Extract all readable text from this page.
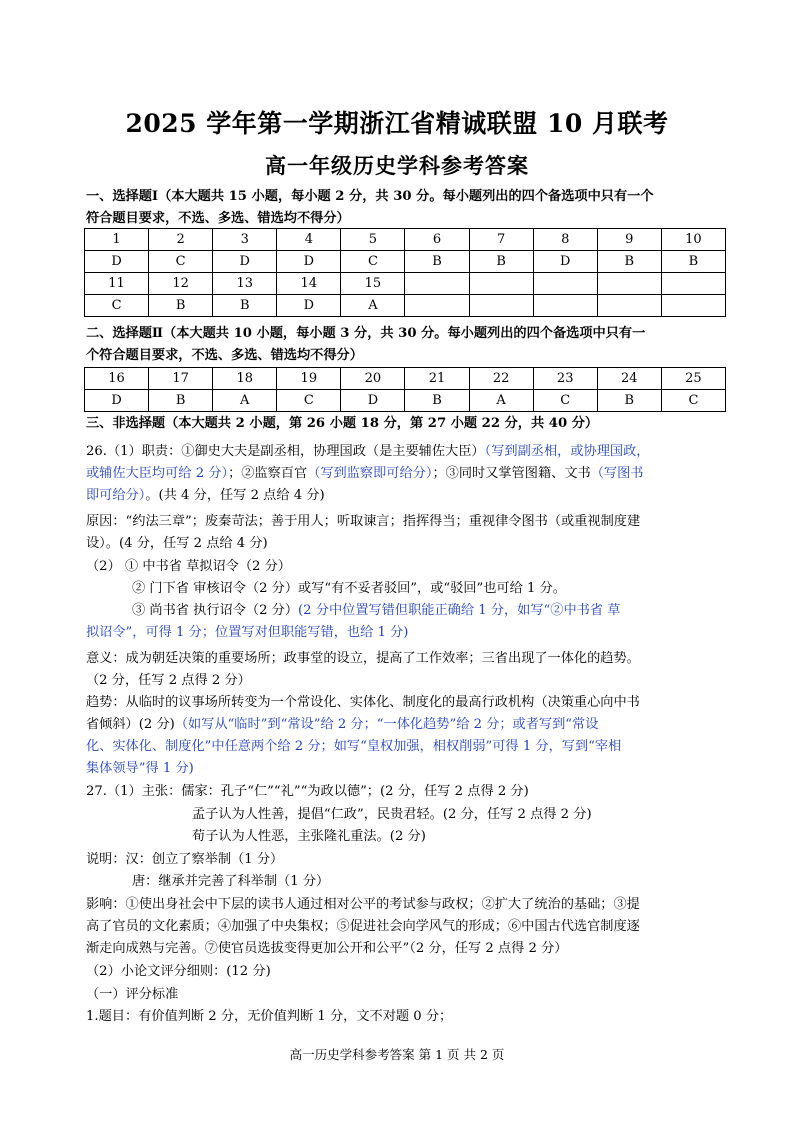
2025 学年第一学期浙江省精诚联盟 10 月联考
高一年级历史学科参考答案
一、选择题Ⅰ（本大题共 15 小题，每小题 2 分，共 30 分。每小题列出的四个备选项中只有一个
符合题目要求，不选、多选、错选均不得分）
1	2	3	4	5	6	7	8	9	10
D	C	D	D	C	B	B	D	B	B
11	12	13	14	15					
C	B	B	D	A					
二、选择题Ⅱ（本大题共 10 小题，每小题 3 分，共 30 分。每小题列出的四个备选项中只有一
个符合题目要求，不选、多选、错选均不得分）
16	17	18	19	20	21	22	23	24	25
D	B	A	C	D	B	A	C	B	C
三、非选择题（本大题共 2 小题，第 26 小题 18 分，第 27 小题 22 分，共 40 分）
26.（1）职责：①御史大夫是副丞相，协理国政（是主要辅佐大臣）（写到副丞相，或协理国政，
或辅佐大臣均可给 2 分）；②监察百官（写到监察即可给分）；③同时又掌管图籍、文书（写图书
即可给分）。(共 4 分，任写 2 点给 4 分)
原因：“约法三章”；废秦苛法；善于用人；听取谏言；指挥得当；重视律令图书（或重视制度建
设）。(4 分，任写 2 点给 4 分)
（2） ① 中书省 草拟诏令（2 分）
② 门下省 审核诏令（2 分）或写“有不妥者驳回”，或“驳回”也可给 1 分。
③ 尚书省 执行诏令（2 分）(2 分中位置写错但职能正确给 1 分，如写“②中书省 草
拟诏令”，可得 1 分；位置写对但职能写错，也给 1 分)
意义：成为朝廷决策的重要场所；政事堂的设立，提高了工作效率；三省出现了一体化的趋势。
（2 分，任写 2 点得 2 分）
趋势：从临时的议事场所转变为一个常设化、实体化、制度化的最高行政机构（决策重心向中书
省倾斜）(2 分)（如写从“临时”到“常设”给 2 分；“一体化趋势”给 2 分；或者写到“常设
化、实体化、制度化”中任意两个给 2 分；如写“皇权加强，相权削弱”可得 1 分，写到“宰相
集体领导”得 1 分)
27.（1）主张：儒家：孔子“仁”“礼”“为政以德”；(2 分，任写 2 点得 2 分)
孟子认为人性善，提倡“仁政”，民贵君轻。(2 分，任写 2 点得 2 分)
荀子认为人性恶，主张隆礼重法。(2 分)
说明：汉：创立了察举制（1 分）
唐：继承并完善了科举制（1 分）
影响：①使出身社会中下层的读书人通过相对公平的考试参与政权；②扩大了统治的基础；③提
高了官员的文化素质；④加强了中央集权；⑤促进社会向学风气的形成；⑥中国古代选官制度逐
渐走向成熟与完善。⑦使官员选拔变得更加公开和公平”（2 分，任写 2 点得 2 分）
（2）小论文评分细则：(12 分)
（一）评分标准
1.题目：有价值判断 2 分，无价值判断 1 分，文不对题 0 分；
高一历史学科参考答案 第 1 页 共 2 页
